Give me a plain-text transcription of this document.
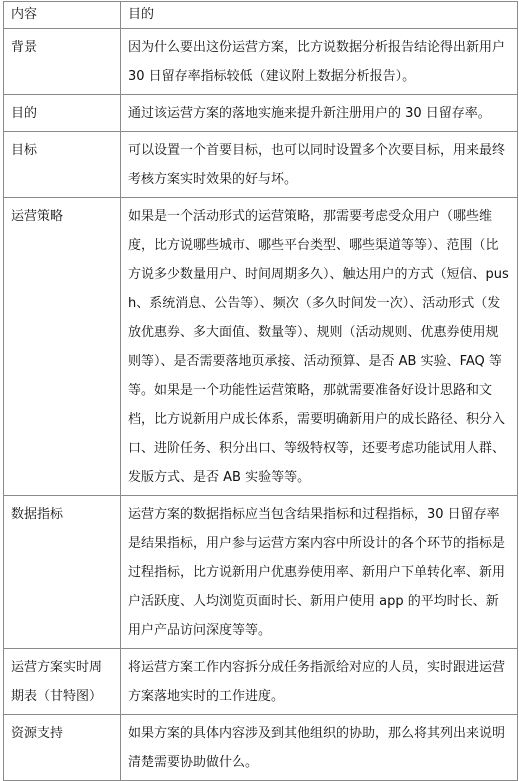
内容	目的
背景	因为什么要出这份运营方案，比方说数据分析报告结论得出新用户 30 日留存率指标较低（建议附上数据分析报告）。
目的	通过该运营方案的落地实施来提升新注册用户的 30 日留存率。
目标	可以设置一个首要目标，也可以同时设置多个次要目标，用来最终考核方案实时效果的好与坏。
运营策略	如果是一个活动形式的运营策略，那需要考虑受众用户（哪些维度，比方说哪些城市、哪些平台类型、哪些渠道等等）、范围（比方说多少数量用户、时间周期多久）、触达用户的方式（短信、push、系统消息、公告等）、频次（多久时间发一次）、活动形式（发放优惠券、多大面值、数量等）、规则（活动规则、优惠券使用规则等）、是否需要落地页承接、活动预算、是否 AB 实验、FAQ 等等。如果是一个功能性运营策略，那就需要准备好设计思路和文档，比方说新用户成长体系，需要明确新用户的成长路径、积分入口、进阶任务、积分出口、等级特权等，还要考虑功能试用人群、发版方式、是否 AB 实验等等。
数据指标	运营方案的数据指标应当包含结果指标和过程指标，30 日留存率是结果指标，用户参与运营方案内容中所设计的各个环节的指标是过程指标，比方说新用户优惠券使用率、新用户下单转化率、新用户活跃度、人均浏览页面时长、新用户使用 app 的平均时长、新用户产品访问深度等等。
运营方案实时周期表（甘特图）	将运营方案工作内容拆分成任务指派给对应的人员，实时跟进运营方案落地实时的工作进度。
资源支持	如果方案的具体内容涉及到其他组织的协助，那么将其列出来说明清楚需要协助做什么。
